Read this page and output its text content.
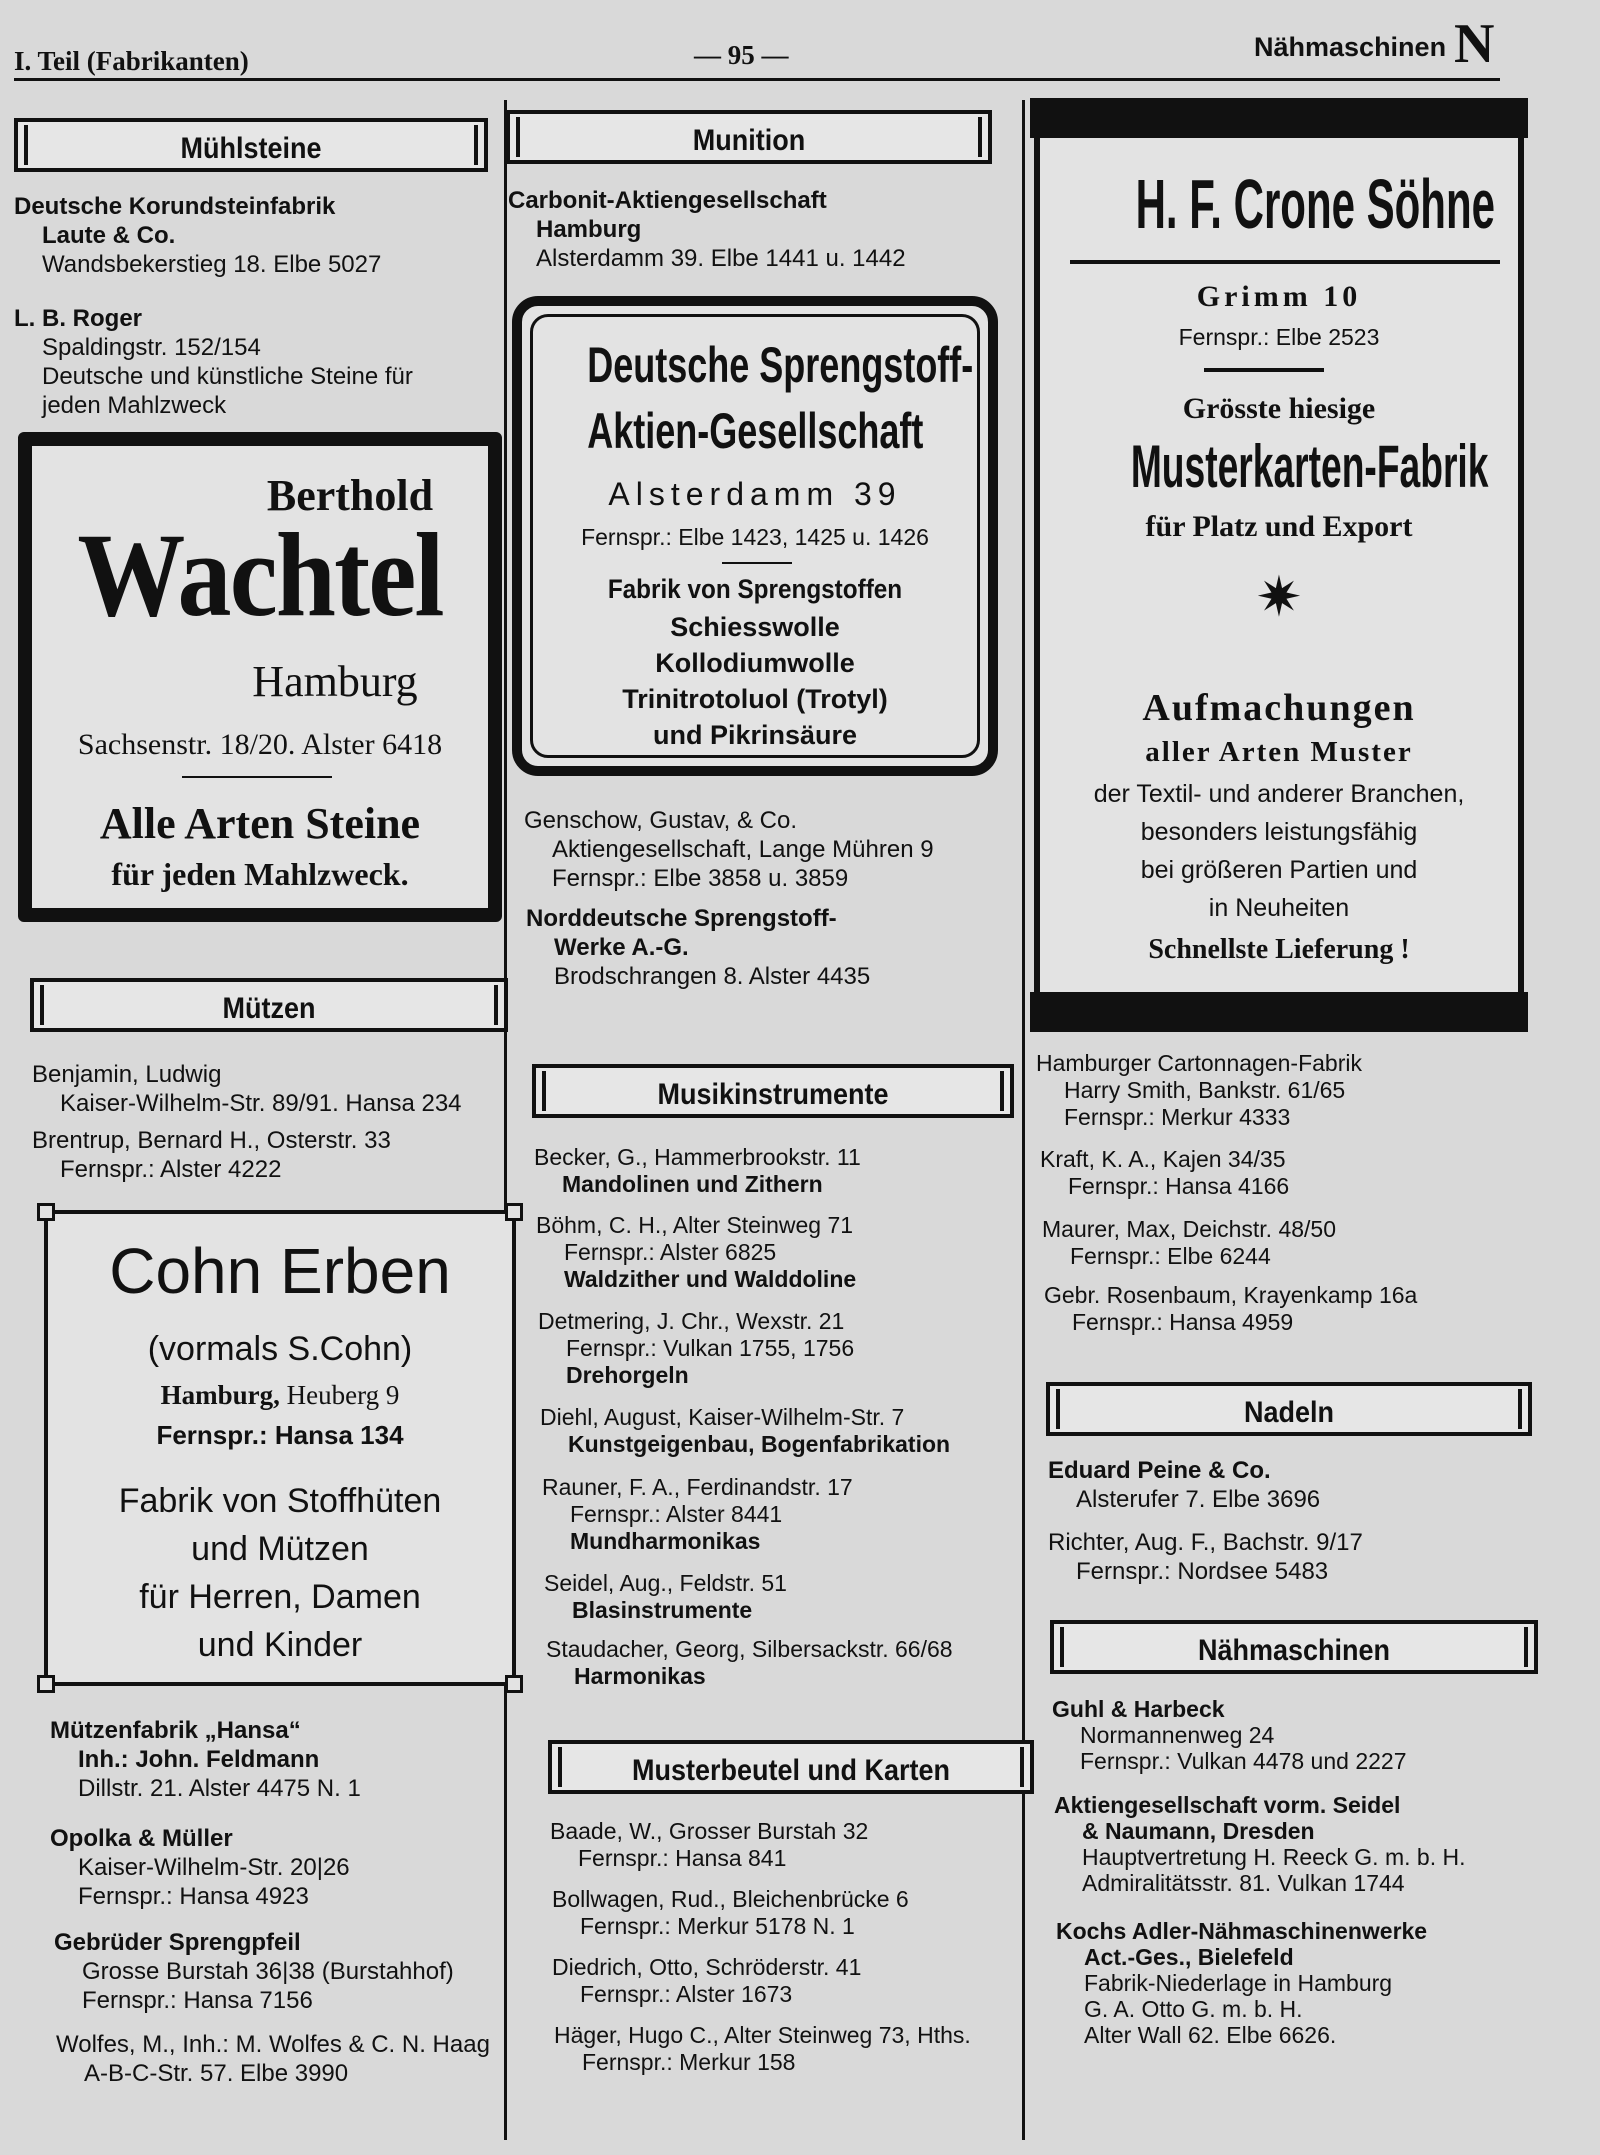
I. Teil (Fabrikanten)	— 95 —	Nähmaschinen N
Mühlsteine
Deutsche Korundsteinfabrik
Laute & Co.
Wandsbekerstieg 18. Elbe 5027
L. B. Roger
Spaldingstr. 152/154
Deutsche und künstliche Steine für
jeden Mahlzweck
Berthold
Wachtel
Hamburg
Sachsenstr. 18/20. Alster 6418
Alle Arten Steine
für jeden Mahlzweck.
Mützen
Benjamin, Ludwig
Kaiser-Wilhelm-Str. 89/91. Hansa 234
Brentrup, Bernard H., Osterstr. 33
Fernspr.: Alster 4222
Cohn Erben
(vormals S.Cohn)
Hamburg, Heuberg 9
Fernspr.: Hansa 134
Fabrik von Stoffhüten
und Mützen
für Herren, Damen
und Kinder
Mützenfabrik „Hansa“
Inh.: John. Feldmann
Dillstr. 21. Alster 4475 N. 1
Opolka & Müller
Kaiser-Wilhelm-Str. 20|26
Fernspr.: Hansa 4923
Gebrüder Sprengpfeil
Grosse Burstah 36|38 (Burstahhof)
Fernspr.: Hansa 7156
Wolfes, M., Inh.: M. Wolfes & C. N. Haag
A-B-C-Str. 57. Elbe 3990
Munition
Carbonit-Aktiengesellschaft
Hamburg
Alsterdamm 39. Elbe 1441 u. 1442
Deutsche Sprengstoff-
Aktien-Gesellschaft
Alsterdamm 39
Fernspr.: Elbe 1423, 1425 u. 1426
Fabrik von Sprengstoffen
Schiesswolle
Kollodiumwolle
Trinitrotoluol (Trotyl)
und Pikrinsäure
Genschow, Gustav, & Co.
Aktiengesellschaft, Lange Mühren 9
Fernspr.: Elbe 3858 u. 3859
Norddeutsche Sprengstoff-
Werke A.-G.
Brodschrangen 8. Alster 4435
Musikinstrumente
Becker, G., Hammerbrookstr. 11
Mandolinen und Zithern
Böhm, C. H., Alter Steinweg 71
Fernspr.: Alster 6825
Waldzither und Walddoline
Detmering, J. Chr., Wexstr. 21
Fernspr.: Vulkan 1755, 1756
Drehorgeln
Diehl, August, Kaiser-Wilhelm-Str. 7
Kunstgeigenbau, Bogenfabrikation
Rauner, F. A., Ferdinandstr. 17
Fernspr.: Alster 8441
Mundharmonikas
Seidel, Aug., Feldstr. 51
Blasinstrumente
Staudacher, Georg, Silbersackstr. 66/68
Harmonikas
Musterbeutel und Karten
Baade, W., Grosser Burstah 32
Fernspr.: Hansa 841
Bollwagen, Rud., Bleichenbrücke 6
Fernspr.: Merkur 5178 N. 1
Diedrich, Otto, Schröderstr. 41
Fernspr.: Alster 1673
Häger, Hugo C., Alter Steinweg 73, Hths.
Fernspr.: Merkur 158
H. F. Crone Söhne
Grimm 10
Fernspr.: Elbe 2523
Grösste hiesige
Musterkarten-Fabrik
für Platz und Export
✷
Aufmachungen
aller Arten Muster
der Textil- und anderer Branchen,
besonders leistungsfähig
bei größeren Partien und
in Neuheiten
Schnellste Lieferung !
Hamburger Cartonnagen-Fabrik
Harry Smith, Bankstr. 61/65
Fernspr.: Merkur 4333
Kraft, K. A., Kajen 34/35
Fernspr.: Hansa 4166
Maurer, Max, Deichstr. 48/50
Fernspr.: Elbe 6244
Gebr. Rosenbaum, Krayenkamp 16a
Fernspr.: Hansa 4959
Nadeln
Eduard Peine & Co.
Alsterufer 7. Elbe 3696
Richter, Aug. F., Bachstr. 9/17
Fernspr.: Nordsee 5483
Nähmaschinen
Guhl & Harbeck
Normannenweg 24
Fernspr.: Vulkan 4478 und 2227
Aktiengesellschaft vorm. Seidel
& Naumann, Dresden
Hauptvertretung H. Reeck G. m. b. H.
Admiralitätsstr. 81. Vulkan 1744
Kochs Adler-Nähmaschinenwerke
Act.-Ges., Bielefeld
Fabrik-Niederlage in Hamburg
G. A. Otto G. m. b. H.
Alter Wall 62. Elbe 6626.
